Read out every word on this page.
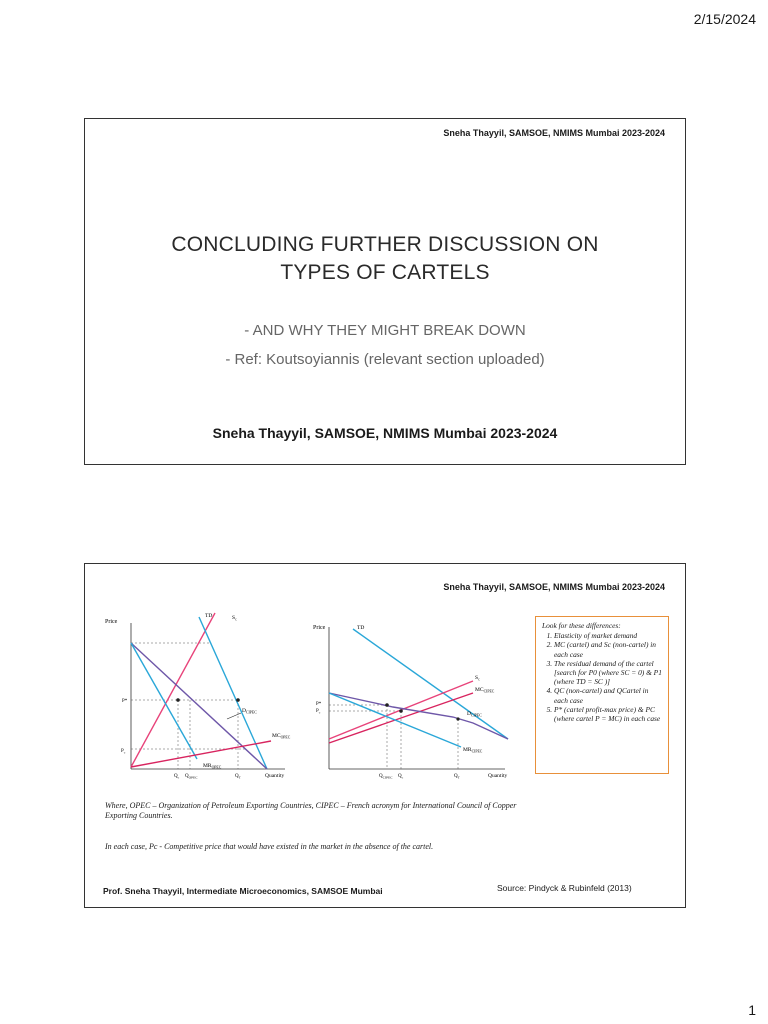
2/15/2024
Sneha Thayyil, SAMSOE, NMIMS Mumbai 2023-2024
CONCLUDING FURTHER DISCUSSION ON
TYPES OF CARTELS
- AND WHY THEY MIGHT BREAK DOWN
- Ref: Koutsoyiannis (relevant section uploaded)
Sneha Thayyil, SAMSOE, NMIMS Mumbai 2023-2024
Sneha Thayyil, SAMSOE, NMIMS Mumbai 2023-2024
Price
Quantity
TD	$S_c$
$D_{CIPEC}$
$MC_{OPEC}$
$MR_{OPEC}$
P*
$P_c$
$Q_c$ $Q_{OPEC}$	$Q_T$
Price
Quantity
TD
$S_c$
$MC_{CIPEC}$
$D_{CIPEC}$
$MR_{CIPEC}$
P*
$P_c$
$Q_{CIPEC}$ $Q_c$	$Q_T$
Look for these differences:
1. Elasticity of market demand
2. MC (cartel) and Sc (non-cartel) in each case
3. The residual demand of the cartel [search for P0 (where SC = 0) & P1 (where TD = SC )]
4. QC (non-cartel) and QCartel in each case
5. P* (cartel profit-max price) & PC (where cartel P = MC) in each case
Where, OPEC – Organization of Petroleum Exporting Countries, CIPEC – French acronym for International Council of Copper Exporting Countries.
In each case, Pc - Competitive price that would have existed in the market in the absence of the cartel.
Prof. Sneha Thayyil, Intermediate Microeconomics, SAMSOE Mumbai	Source: Pindyck & Rubinfeld (2013)
1
